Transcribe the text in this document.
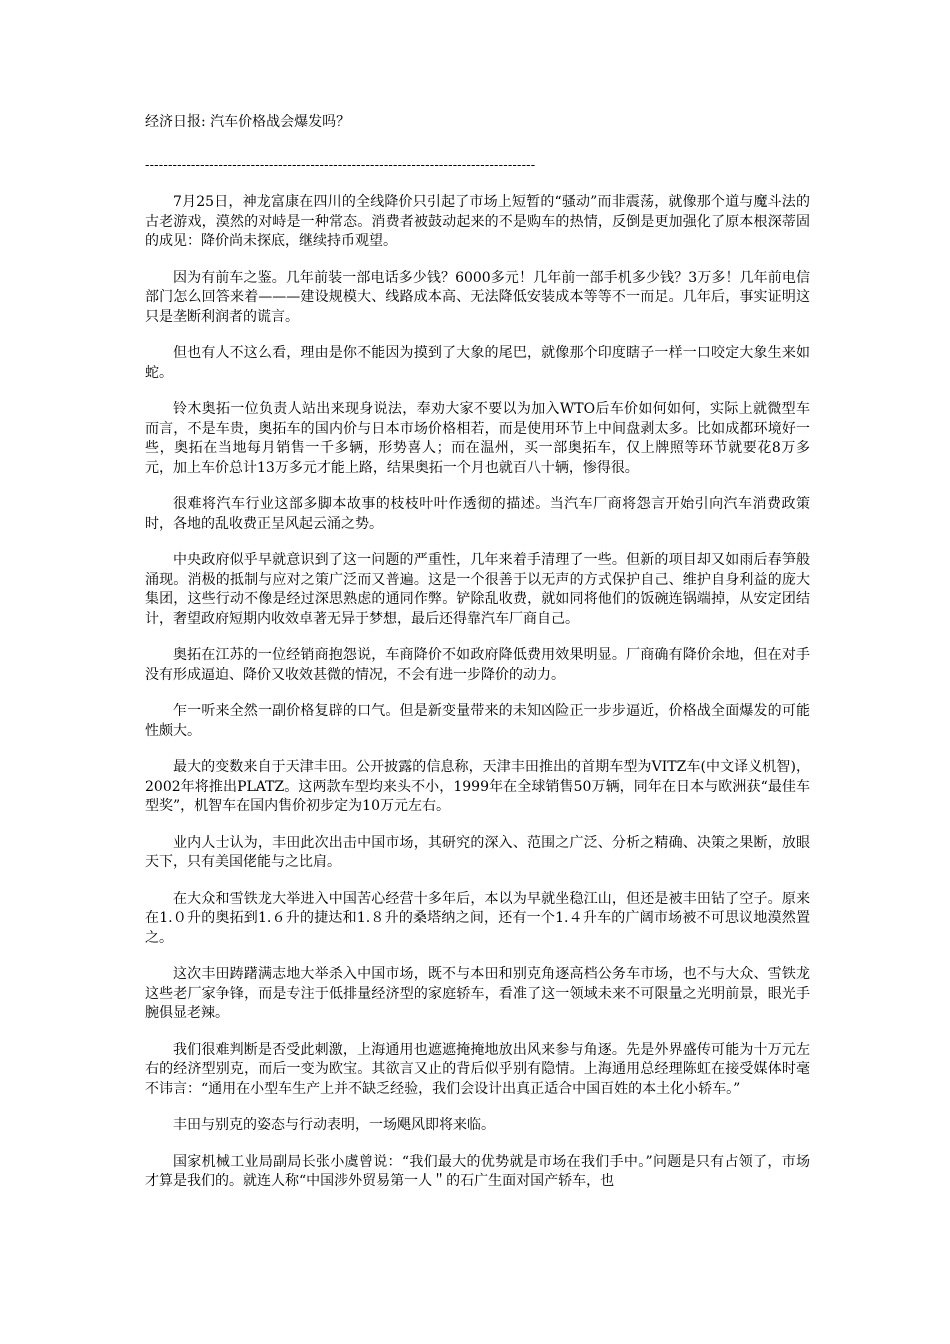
经济日报: 汽车价格战会爆发吗？

-------------------------------------------------------------------------------------

7月25日，神龙富康在四川的全线降价只引起了市场上短暂的“骚动”而非震荡，就像那个道与魔斗法的古老游戏，漠然的对峙是一种常态。消费者被鼓动起来的不是购车的热情，反倒是更加强化了原本根深蒂固的成见：降价尚未探底，继续持币观望。

因为有前车之鉴。几年前装一部电话多少钱？6000多元！几年前一部手机多少钱？3万多！几年前电信部门怎么回答来着———建设规模大、线路成本高、无法降低安装成本等等不一而足。几年后，事实证明这只是垄断利润者的谎言。

但也有人不这么看，理由是你不能因为摸到了大象的尾巴，就像那个印度瞎子一样一口咬定大象生来如蛇。

铃木奥拓一位负责人站出来现身说法，奉劝大家不要以为加入WTO后车价如何如何，实际上就微型车而言，不是车贵，奥拓车的国内价与日本市场价格相若，而是使用环节上中间盘剥太多。比如成都环境好一些，奥拓在当地每月销售一千多辆，形势喜人；而在温州，买一部奥拓车，仅上牌照等环节就要花8万多元，加上车价总计13万多元才能上路，结果奥拓一个月也就百八十辆，惨得很。

很难将汽车行业这部多脚本故事的枝枝叶叶作透彻的描述。当汽车厂商将怨言开始引向汽车消费政策时，各地的乱收费正呈风起云涌之势。

中央政府似乎早就意识到了这一问题的严重性，几年来着手清理了一些。但新的项目却又如雨后春笋般涌现。消极的抵制与应对之策广泛而又普遍。这是一个很善于以无声的方式保护自己、维护自身利益的庞大集团，这些行动不像是经过深思熟虑的通同作弊。铲除乱收费，就如同将他们的饭碗连锅端掉，从安定团结计，奢望政府短期内收效卓著无异于梦想，最后还得靠汽车厂商自己。

奥拓在江苏的一位经销商抱怨说，车商降价不如政府降低费用效果明显。厂商确有降价余地，但在对手没有形成逼迫、降价又收效甚微的情况，不会有进一步降价的动力。

乍一听来全然一副价格复辟的口气。但是新变量带来的未知凶险正一步步逼近，价格战全面爆发的可能性颇大。

最大的变数来自于天津丰田。公开披露的信息称，天津丰田推出的首期车型为VITZ车(中文译义机智)， 2002年将推出PLATZ。这两款车型均来头不小，1999年在全球销售50万辆，同年在日本与欧洲获“最佳车型奖”，机智车在国内售价初步定为10万元左右。

业内人士认为，丰田此次出击中国市场，其研究的深入、范围之广泛、分析之精确、决策之果断，放眼天下，只有美国佬能与之比肩。

在大众和雪铁龙大举进入中国苦心经营十多年后，本以为早就坐稳江山，但还是被丰田钻了空子。原来在1.０升的奥拓到1.６升的捷达和1.８升的桑塔纳之间，还有一个1.４升车的广阔市场被不可思议地漠然置之。

这次丰田踌躇满志地大举杀入中国市场，既不与本田和别克角逐高档公务车市场，也不与大众、雪铁龙这些老厂家争锋，而是专注于低排量经济型的家庭轿车，看准了这一领域未来不可限量之光明前景，眼光手腕俱显老辣。

我们很难判断是否受此刺激，上海通用也遮遮掩掩地放出风来参与角逐。先是外界盛传可能为十万元左右的经济型别克，而后一变为欧宝。其欲言又止的背后似乎别有隐情。上海通用总经理陈虹在接受媒体时毫不讳言：“通用在小型车生产上并不缺乏经验，我们会设计出真正适合中国百姓的本土化小轿车。”

丰田与别克的姿态与行动表明，一场飓风即将来临。

国家机械工业局副局长张小虞曾说：“我们最大的优势就是市场在我们手中。”问题是只有占领了，市场才算是我们的。就连人称“中国涉外贸易第一人＂的石广生面对国产轿车，也
